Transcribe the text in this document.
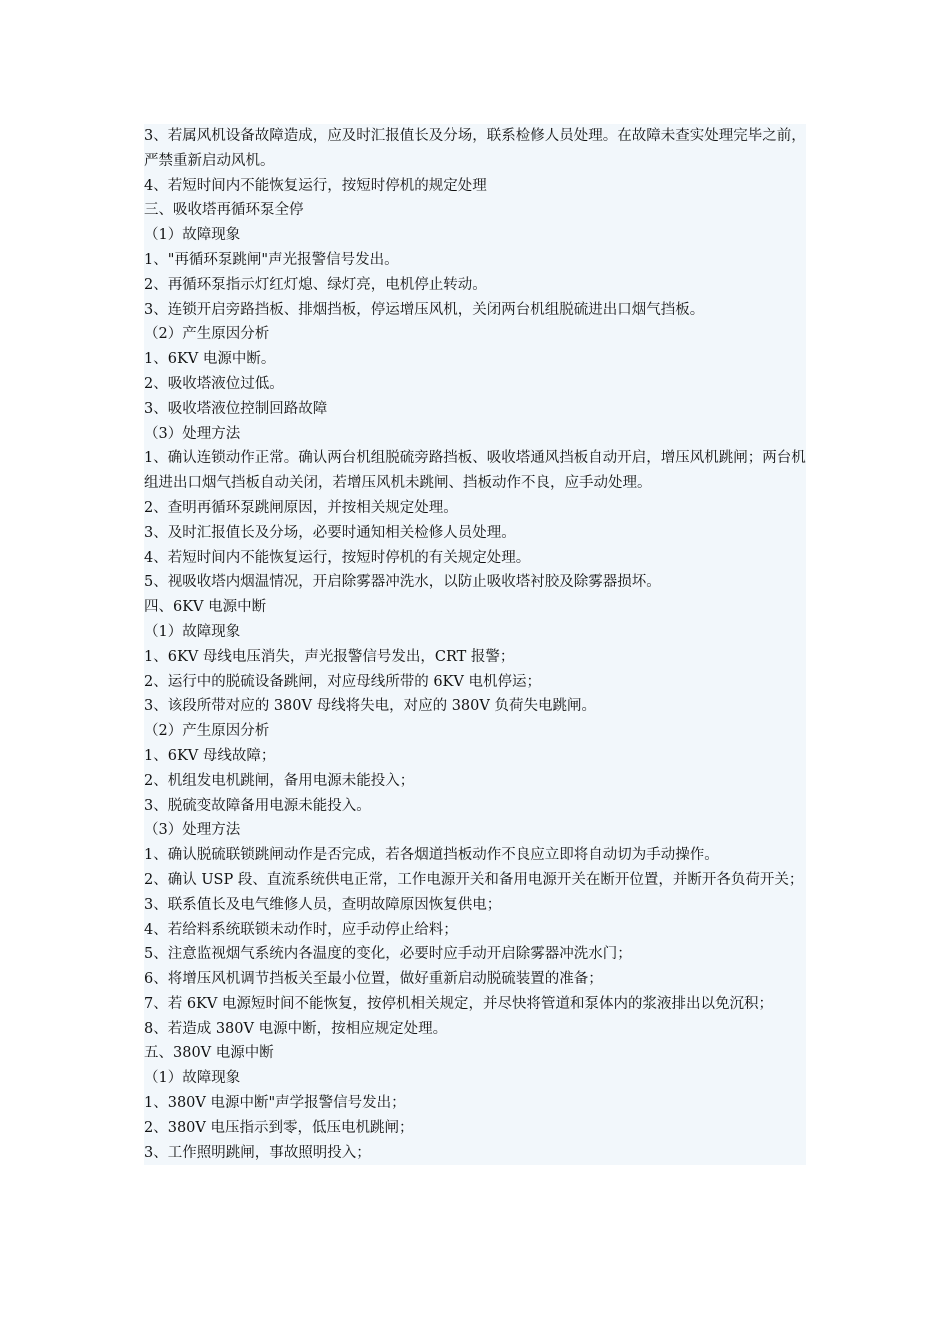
3、若属风机设备故障造成，应及时汇报值长及分场，联系检修人员处理。在故障未查实处理完毕之前，严禁重新启动风机。

4、若短时间内不能恢复运行，按短时停机的规定处理

三、吸收塔再循环泵全停

（1）故障现象

1、"再循环泵跳闸"声光报警信号发出。

2、再循环泵指示灯红灯熄、绿灯亮，电机停止转动。

3、连锁开启旁路挡板、排烟挡板，停运增压风机，关闭两台机组脱硫进出口烟气挡板。

（2）产生原因分析

1、6KV 电源中断。

2、吸收塔液位过低。

3、吸收塔液位控制回路故障

（3）处理方法

1、确认连锁动作正常。确认两台机组脱硫旁路挡板、吸收塔通风挡板自动开启，增压风机跳闸；两台机组进出口烟气挡板自动关闭，若增压风机未跳闸、挡板动作不良，应手动处理。

2、查明再循环泵跳闸原因，并按相关规定处理。

3、及时汇报值长及分场，必要时通知相关检修人员处理。

4、若短时间内不能恢复运行，按短时停机的有关规定处理。

5、视吸收塔内烟温情况，开启除雾器冲洗水，以防止吸收塔衬胶及除雾器损坏。

四、6KV 电源中断

（1）故障现象

1、6KV 母线电压消失，声光报警信号发出，CRT 报警；

2、运行中的脱硫设备跳闸，对应母线所带的 6KV 电机停运；

3、该段所带对应的 380V 母线将失电，对应的 380V 负荷失电跳闸。

（2）产生原因分析

1、6KV 母线故障；

2、机组发电机跳闸，备用电源未能投入；

3、脱硫变故障备用电源未能投入。

（3）处理方法

1、确认脱硫联锁跳闸动作是否完成，若各烟道挡板动作不良应立即将自动切为手动操作。

2、确认 USP 段、直流系统供电正常，工作电源开关和备用电源开关在断开位置，并断开各负荷开关；

3、联系值长及电气维修人员，查明故障原因恢复供电；

4、若给料系统联锁未动作时，应手动停止给料；

5、注意监视烟气系统内各温度的变化，必要时应手动开启除雾器冲洗水门；

6、将增压风机调节挡板关至最小位置，做好重新启动脱硫装置的准备；

7、若 6KV 电源短时间不能恢复，按停机相关规定，并尽快将管道和泵体内的浆液排出以免沉积；

8、若造成 380V 电源中断，按相应规定处理。

五、380V 电源中断

（1）故障现象

1、380V 电源中断"声学报警信号发出；

2、380V 电压指示到零，低压电机跳闸；

3、工作照明跳闸，事故照明投入；
